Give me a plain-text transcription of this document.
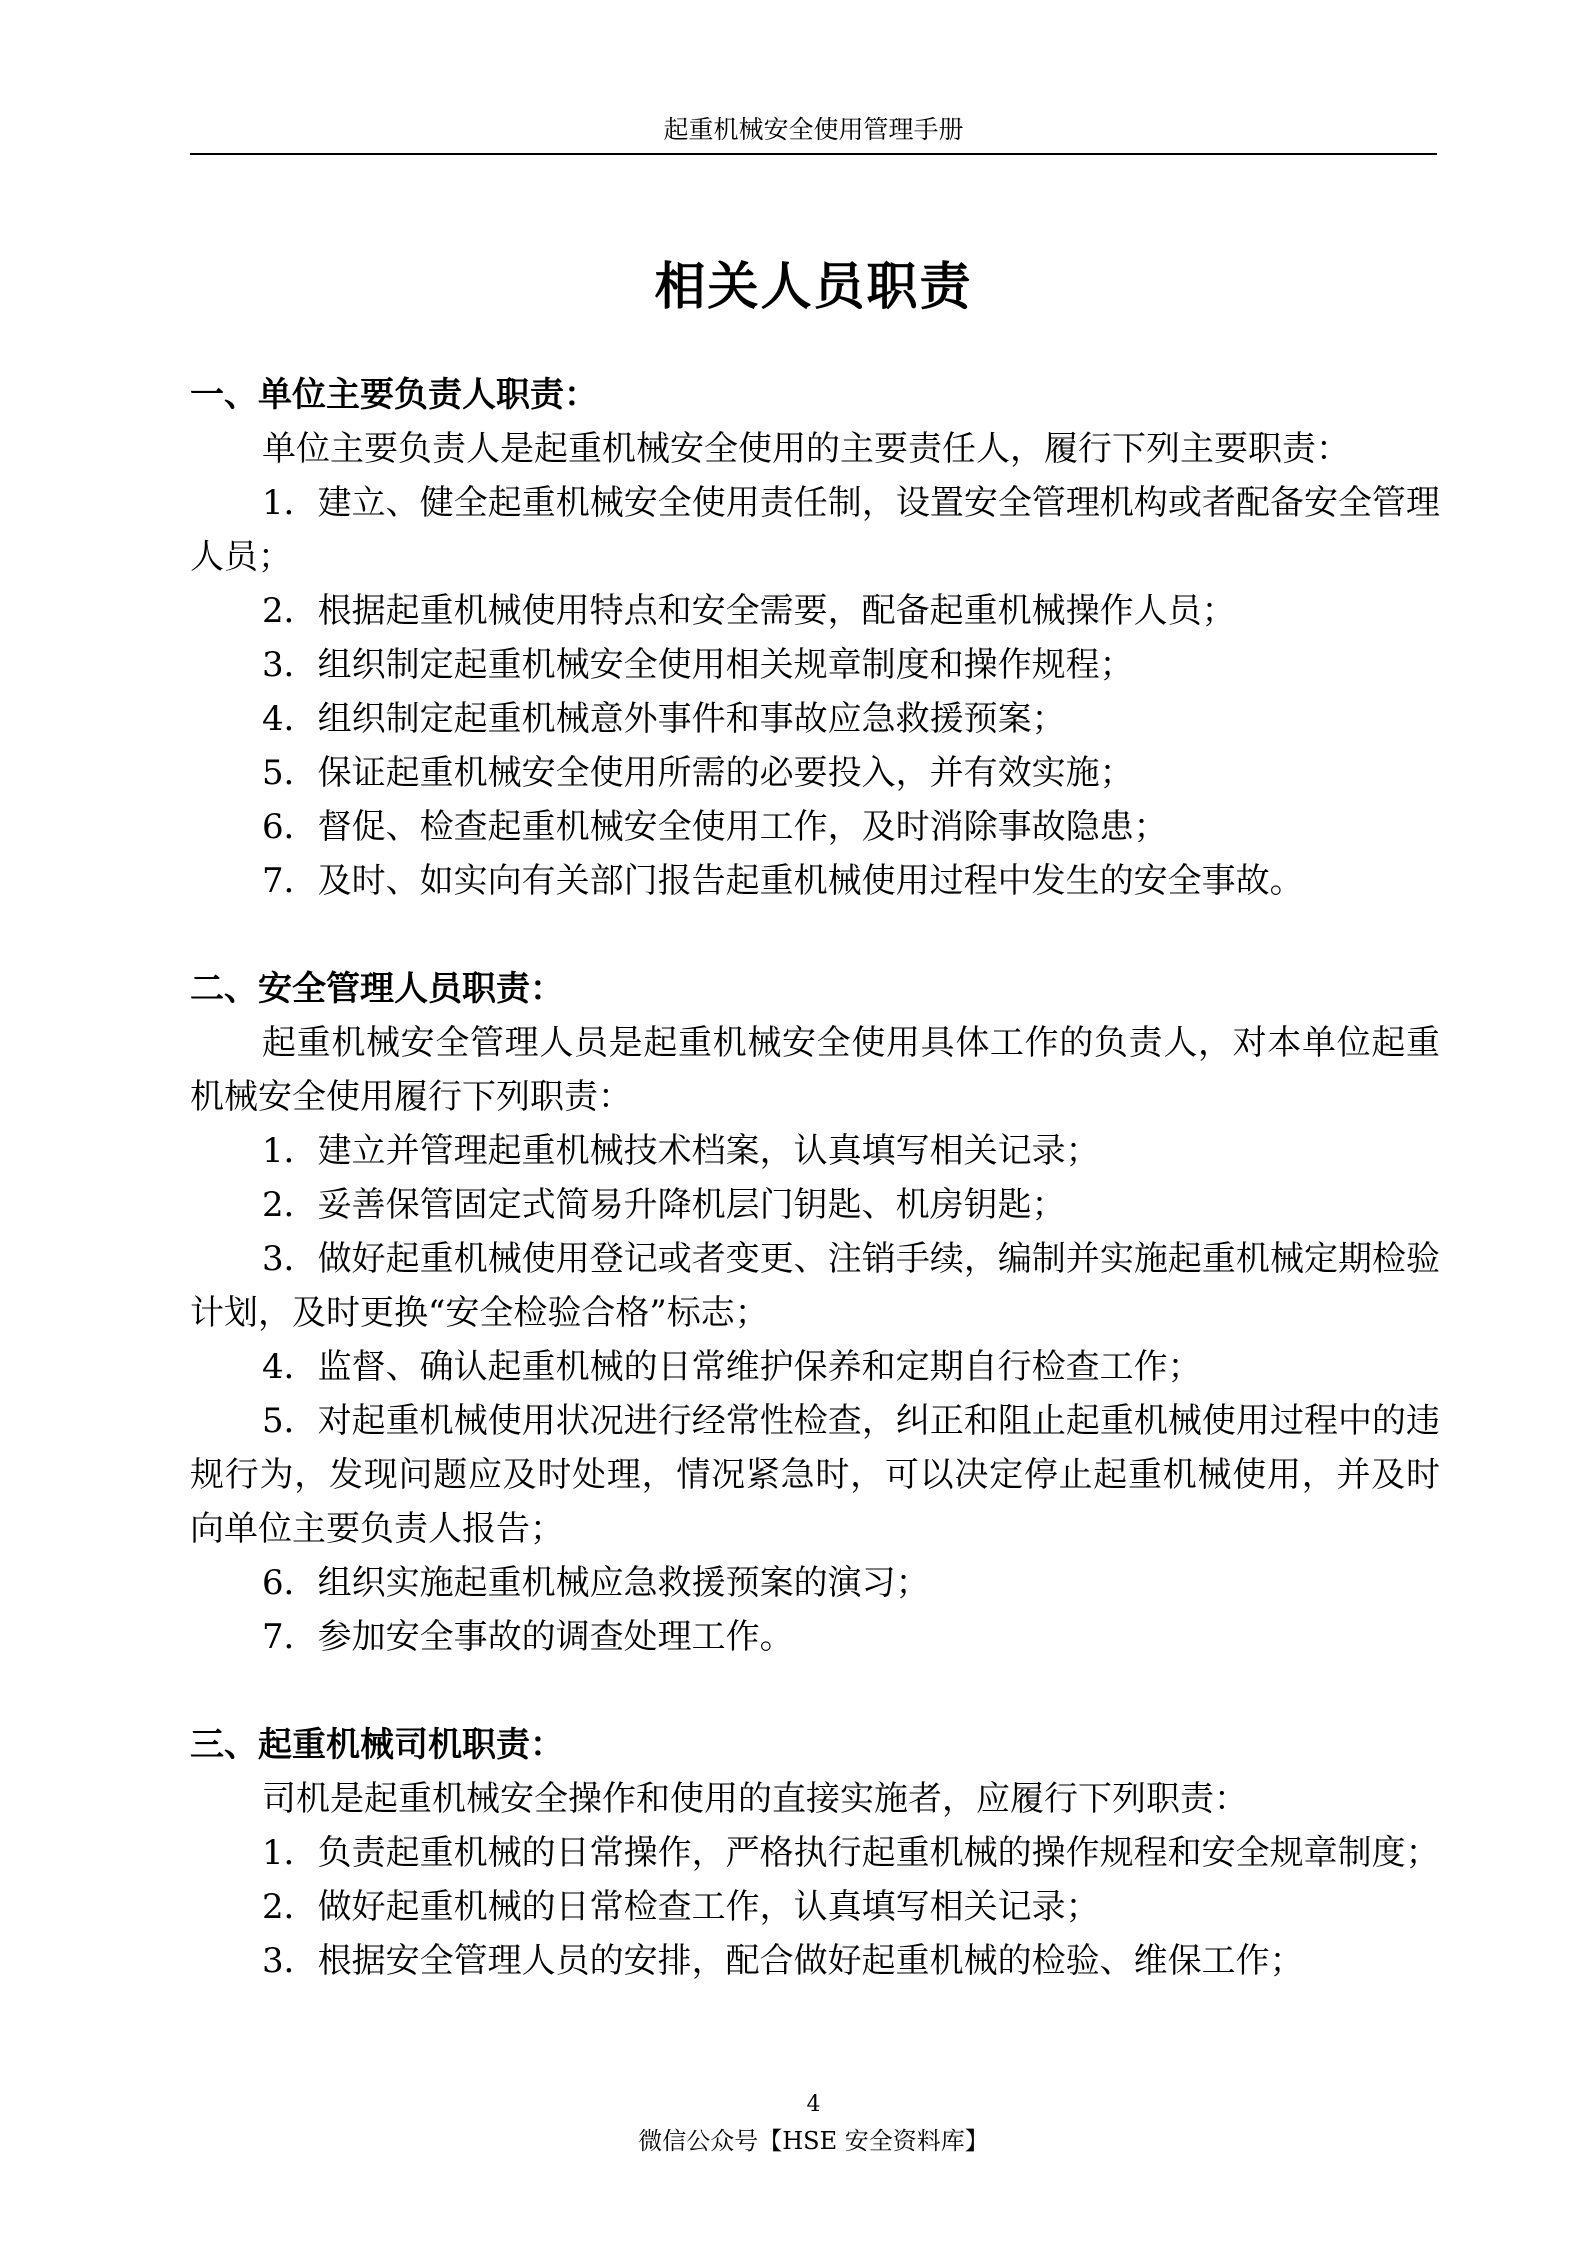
起重机械安全使用管理手册
相关人员职责
一、单位主要负责人职责：

单位主要负责人是起重机械安全使用的主要责任人，履行下列主要职责：

1．建立、健全起重机械安全使用责任制，设置安全管理机构或者配备安全管理人员；

2．根据起重机械使用特点和安全需要，配备起重机械操作人员；

3．组织制定起重机械安全使用相关规章制度和操作规程；

4．组织制定起重机械意外事件和事故应急救援预案；

5．保证起重机械安全使用所需的必要投入，并有效实施；

6．督促、检查起重机械安全使用工作，及时消除事故隐患；

7．及时、如实向有关部门报告起重机械使用过程中发生的安全事故。

二、安全管理人员职责：

起重机械安全管理人员是起重机械安全使用具体工作的负责人，对本单位起重机械安全使用履行下列职责：

1．建立并管理起重机械技术档案，认真填写相关记录；

2．妥善保管固定式简易升降机层门钥匙、机房钥匙；

3．做好起重机械使用登记或者变更、注销手续，编制并实施起重机械定期检验计划，及时更换“安全检验合格”标志；

4．监督、确认起重机械的日常维护保养和定期自行检查工作；

5．对起重机械使用状况进行经常性检查，纠正和阻止起重机械使用过程中的违规行为，发现问题应及时处理，情况紧急时，可以决定停止起重机械使用，并及时向单位主要负责人报告；

6．组织实施起重机械应急救援预案的演习；

7．参加安全事故的调查处理工作。

三、起重机械司机职责：

司机是起重机械安全操作和使用的直接实施者，应履行下列职责：

1．负责起重机械的日常操作，严格执行起重机械的操作规程和安全规章制度；

2．做好起重机械的日常检查工作，认真填写相关记录；

3．根据安全管理人员的安排，配合做好起重机械的检验、维保工作；

4
微信公众号【HSE 安全资料库】
